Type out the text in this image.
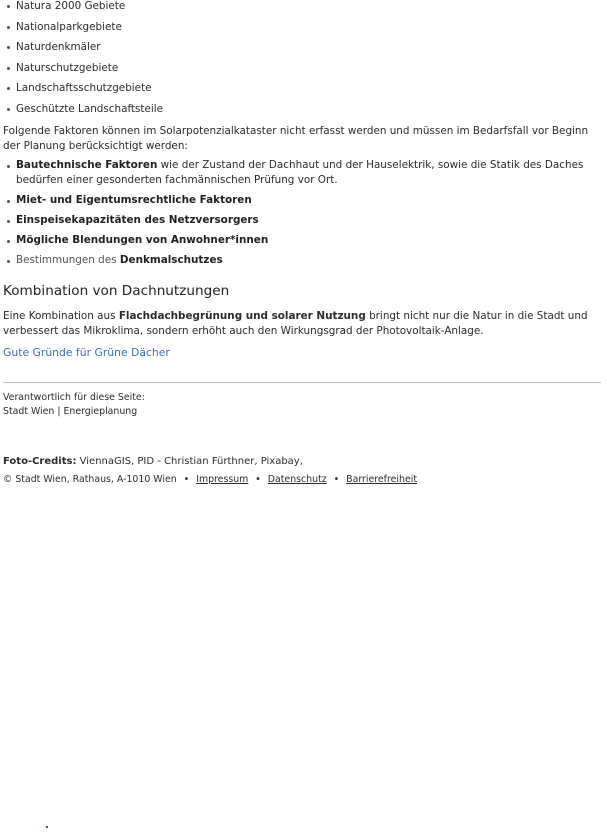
Natura 2000 Gebiete
Nationalparkgebiete
Naturdenkmäler
Naturschutzgebiete
Landschaftsschutzgebiete
Geschützte Landschaftsteile

Folgende Faktoren können im Solarpotenzialkataster nicht erfasst werden und müssen im Bedarfsfall vor Beginn der Planung berücksichtigt werden:

Bautechnische Faktoren wie der Zustand der Dachhaut und der Hauselektrik, sowie die Statik des Daches bedürfen einer gesonderten fachmännischen Prüfung vor Ort.
Miet- und Eigentumsrechtliche Faktoren
Einspeisekapazitäten des Netzversorgers
Mögliche Blendungen von Anwohner*innen
Bestimmungen des Denkmalschutzes
Kombination von Dachnutzungen

Eine Kombination aus Flachdachbegrünung und solarer Nutzung bringt nicht nur die Natur in die Stadt und verbessert das Mikroklima, sondern erhöht auch den Wirkungsgrad der Photovoltaik-Anlage.

Gute Gründe für Grüne Dächer
Verantwortlich für diese Seite:
Stadt Wien | Energieplanung
Foto-Credits: ViennaGIS, PID - Christian Fürthner, Pixabay,
© Stadt Wien, Rathaus, A-1010 Wien • Impressum • Datenschutz • Barrierefreiheit
